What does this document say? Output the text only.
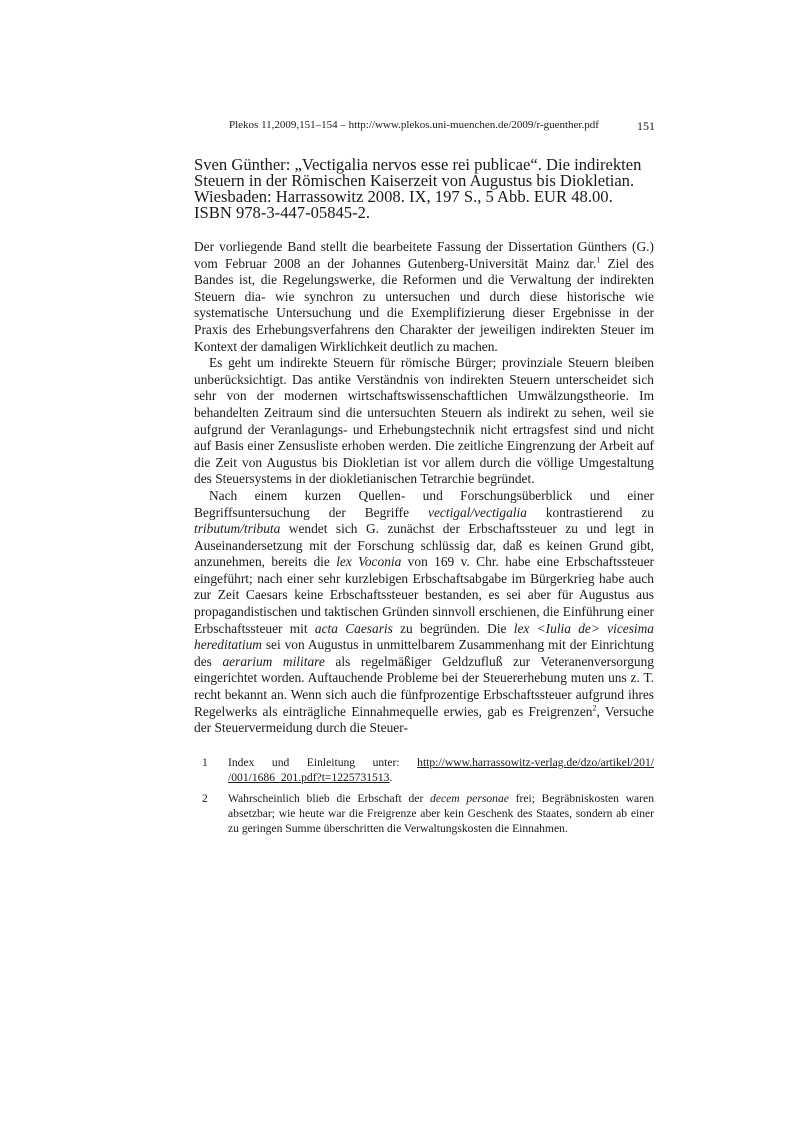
Plekos 11,2009,151–154 – http://www.plekos.uni-muenchen.de/2009/r-guenther.pdf	151
Sven Günther: „Vectigalia nervos esse rei publicae“. Die indirekten Steuern in der Römischen Kaiserzeit von Augustus bis Diokletian. Wiesbaden: Harrassowitz 2008. IX, 197 S., 5 Abb. EUR 48.00. ISBN 978-3-447-05845-2.

Der vorliegende Band stellt die bearbeitete Fassung der Dissertation Günthers (G.) vom Februar 2008 an der Johannes Gutenberg-Universität Mainz dar.$^1$ Ziel des Bandes ist, die Regelungswerke, die Reformen und die Verwaltung der indirekten Steuern dia- wie synchron zu untersuchen und durch diese historische wie systematische Untersuchung und die Exemplifizierung dieser Ergebnisse in der Praxis des Erhebungsverfahrens den Charakter der jeweiligen indirekten Steuer im Kontext der damaligen Wirklichkeit deutlich zu machen.

Es geht um indirekte Steuern für römische Bürger; provinziale Steuern bleiben unberücksichtigt. Das antike Verständnis von indirekten Steuern unterscheidet sich sehr von der modernen wirtschaftswissenschaftlichen Umwälzungstheorie. Im behandelten Zeitraum sind die untersuchten Steuern als indirekt zu sehen, weil sie aufgrund der Veranlagungs- und Erhebungstechnik nicht ertragsfest sind und nicht auf Basis einer Zensusliste erhoben werden. Die zeitliche Eingrenzung der Arbeit auf die Zeit von Augustus bis Diokletian ist vor allem durch die völlige Umgestaltung des Steuersystems in der diokletianischen Tetrarchie begründet.

Nach einem kurzen Quellen- und Forschungsüberblick und einer Begriffsuntersuchung der Begriffe vectigal/vectigalia kontrastierend zu tributum/tributa wendet sich G. zunächst der Erbschaftssteuer zu und legt in Auseinandersetzung mit der Forschung schlüssig dar, daß es keinen Grund gibt, anzunehmen, bereits die lex Voconia von 169 v. Chr. habe eine Erbschaftssteuer eingeführt; nach einer sehr kurzlebigen Erbschaftsabgabe im Bürgerkrieg habe auch zur Zeit Caesars keine Erbschaftssteuer bestanden, es sei aber für Augustus aus propagandistischen und taktischen Gründen sinnvoll erschienen, die Einführung einer Erbschaftssteuer mit acta Caesaris zu begründen. Die lex <Iulia de> vicesima hereditatium sei von Augustus in unmittelbarem Zusammenhang mit der Einrichtung des aerarium militare als regelmäßiger Geldzufluß zur Veteranenversorgung eingerichtet worden. Auftauchende Probleme bei der Steuererhebung muten uns z. T. recht bekannt an. Wenn sich auch die fünfprozentige Erbschaftssteuer aufgrund ihres Regelwerks als einträgliche Einnahmequelle erwies, gab es Freigrenzen$^2$, Versuche der Steuervermeidung durch die Steuer-

1 Index und Einleitung unter: http://www.harrassowitz-verlag.de/dzo/artikel/201/ /001/1686_201.pdf?t=1225731513.
2 Wahrscheinlich blieb die Erbschaft der decem personae frei; Begräbniskosten waren absetzbar; wie heute war die Freigrenze aber kein Geschenk des Staates, sondern ab einer zu geringen Summe überschritten die Verwaltungskosten die Einnahmen.
